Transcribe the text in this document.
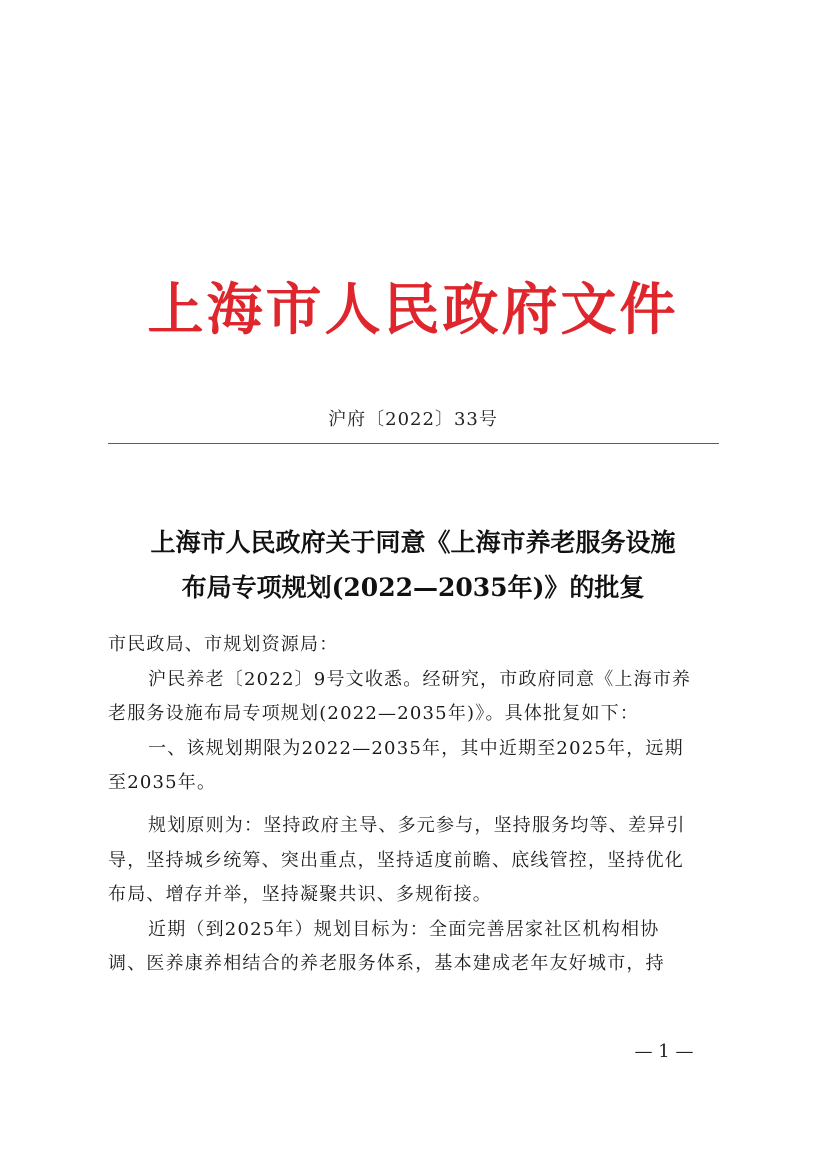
上海市人民政府文件
沪府〔2022〕33号
上海市人民政府关于同意《上海市养老服务设施
布局专项规划(2022—2035年)》的批复
市民政局、市规划资源局：
沪民养老〔2022〕9号文收悉。经研究，市政府同意《上海市养
老服务设施布局专项规划(2022—2035年)》。具体批复如下：
一、该规划期限为2022—2035年，其中近期至2025年，远期
至2035年。
规划原则为：坚持政府主导、多元参与，坚持服务均等、差异引
导，坚持城乡统筹、突出重点，坚持适度前瞻、底线管控，坚持优化
布局、增存并举，坚持凝聚共识、多规衔接。
近期（到2025年）规划目标为：全面完善居家社区机构相协
调、医养康养相结合的养老服务体系，基本建成老年友好城市，持
— 1 —
